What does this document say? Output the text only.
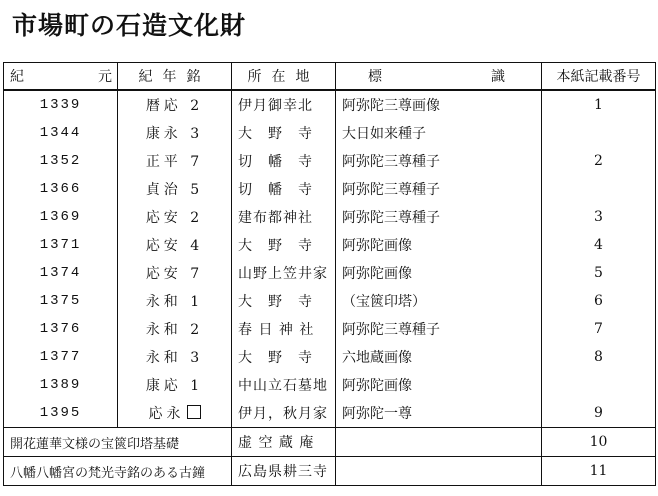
市場町の石造文化財
紀　元	紀年銘	所在地	標 識	本紙記載番号
1339	暦応 2	伊月御幸北	阿弥陀三尊画像	1
1344	康永 3	大　野　寺	大日如来種子	
1352	正平 7	切　幡　寺	阿弥陀三尊種子	2
1366	貞治 5	切　幡　寺	阿弥陀三尊種子	
1369	応安 2	建布都神社	阿弥陀三尊種子	3
1371	応安 4	大　野　寺	阿弥陀画像	4
1374	応安 7	山野上笠井家	阿弥陀画像	5
1375	永和 1	大　野　寺	（宝篋印塔）	6
1376	永和 2	春 日 神 社	阿弥陀三尊種子	7
1377	永和 3	大　野　寺	六地蔵画像	8
1389	康応 1	中山立石墓地	阿弥陀画像	
1395	応永	伊月，秋月家	阿弥陀一尊	9
開花蓮華文様の宝篋印塔基礎		虚 空 蔵 庵		10
八幡八幡宮の梵光寺銘のある古鐘		広島県耕三寺		11
